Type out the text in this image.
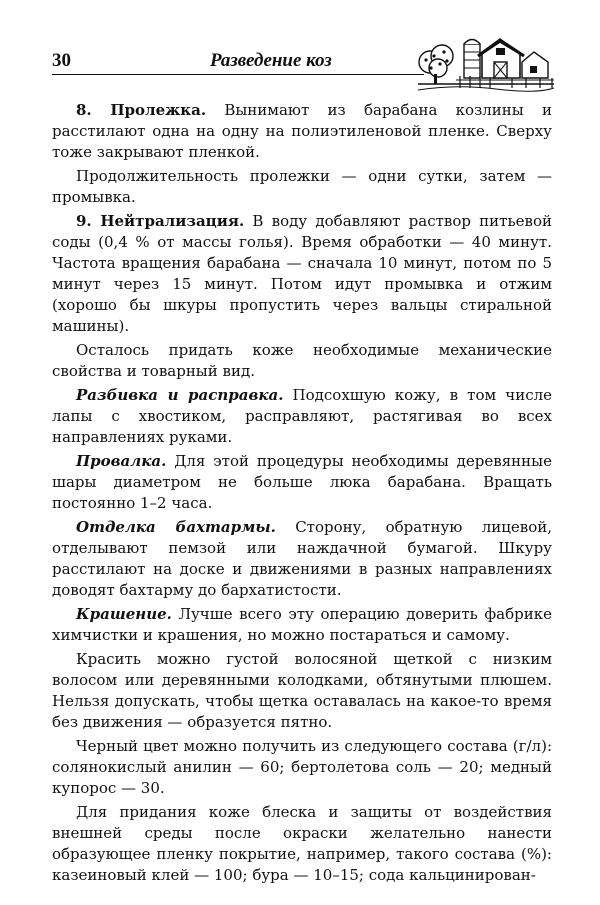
30	Разведение коз

8. Пролежка. Вынимают из барабана козлины и расстилают одна на одну на полиэтиленовой пленке. Сверху тоже закрывают пленкой.

Продолжительность пролежки — одни сутки, затем — промывка.

9. Нейтрализация. В воду добавляют раствор питьевой соды (0,4 % от массы голья). Время обработки — 40 минут. Частота вращения барабана — сначала 10 минут, потом по 5 минут через 15 минут. Потом идут промывка и отжим (хорошо бы шкуры пропустить через вальцы стиральной машины).

Осталось придать коже необходимые механические свойства и товарный вид.

Разбивка и расправка. Подсохшую кожу, в том числе лапы с хвостиком, расправляют, растягивая во всех направлениях руками.

Провалка. Для этой процедуры необходимы деревянные шары диаметром не больше люка барабана. Вращать постоянно 1–2 часа.

Отделка бахтармы. Сторону, обратную лицевой, отделывают пемзой или наждачной бумагой. Шкуру расстилают на доске и движениями в разных направлениях доводят бахтарму до бархатистости.

Крашение. Лучше всего эту операцию доверить фабрике химчистки и крашения, но можно постараться и самому.

Красить можно густой волосяной щеткой с низким волосом или деревянными колодками, обтянутыми плюшем. Нельзя допускать, чтобы щетка оставалась на какое-то время без движения — образуется пятно.

Черный цвет можно получить из следующего состава (г/л): солянокислый анилин — 60; бертолетова соль — 20; медный купорос — 30.

Для придания коже блеска и защиты от воздействия внешней среды после окраски желательно нанести образующее пленку покрытие, например, такого состава (%): казеиновый клей — 100; бура — 10–15; сода кальцинирован-
